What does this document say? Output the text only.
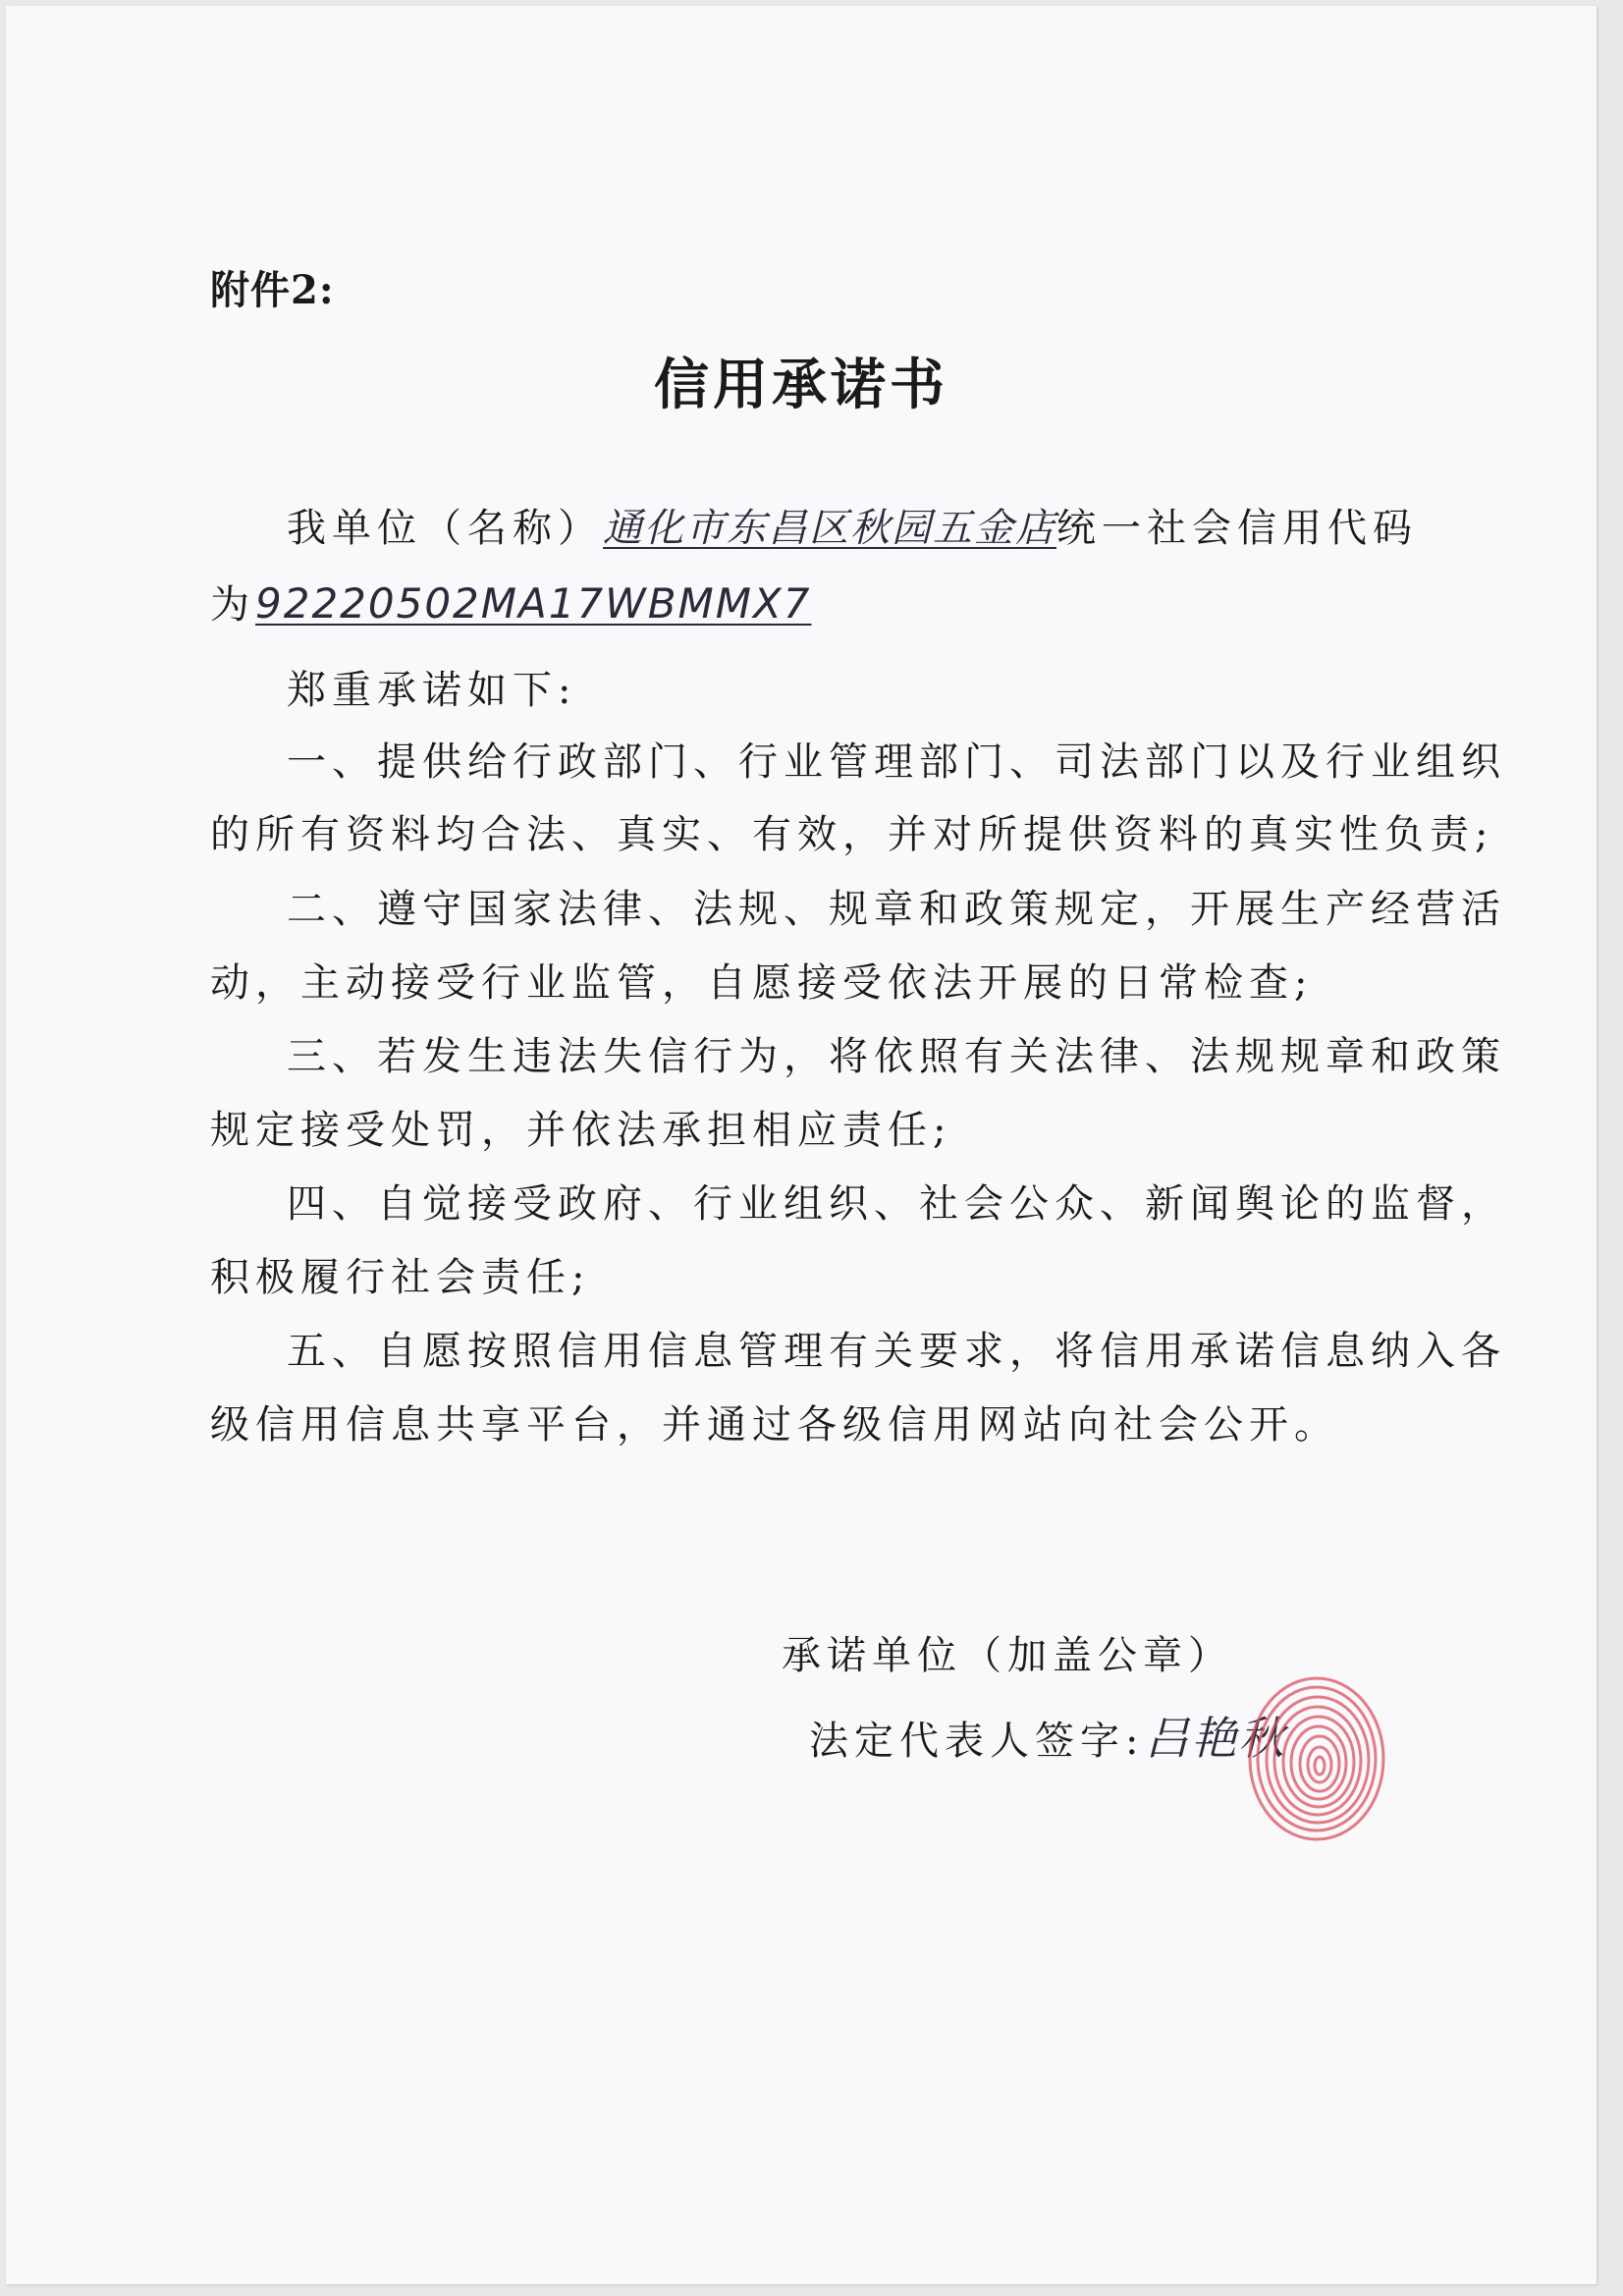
附件2:
信用承诺书
我单位（名称）通化市东昌区秋园五金店统一社会信用代码
为92220502MA17WBMMX7
郑重承诺如下:
一、提供给行政部门、行业管理部门、司法部门以及行业组织
的所有资料均合法、真实、有效，并对所提供资料的真实性负责;
二、遵守国家法律、法规、规章和政策规定，开展生产经营活
动，主动接受行业监管，自愿接受依法开展的日常检查;
三、若发生违法失信行为，将依照有关法律、法规规章和政策
规定接受处罚，并依法承担相应责任;
四、自觉接受政府、行业组织、社会公众、新闻舆论的监督，
积极履行社会责任;
五、自愿按照信用信息管理有关要求，将信用承诺信息纳入各
级信用信息共享平台，并通过各级信用网站向社会公开。
承诺单位（加盖公章）
法定代表人签字:吕艳秋
